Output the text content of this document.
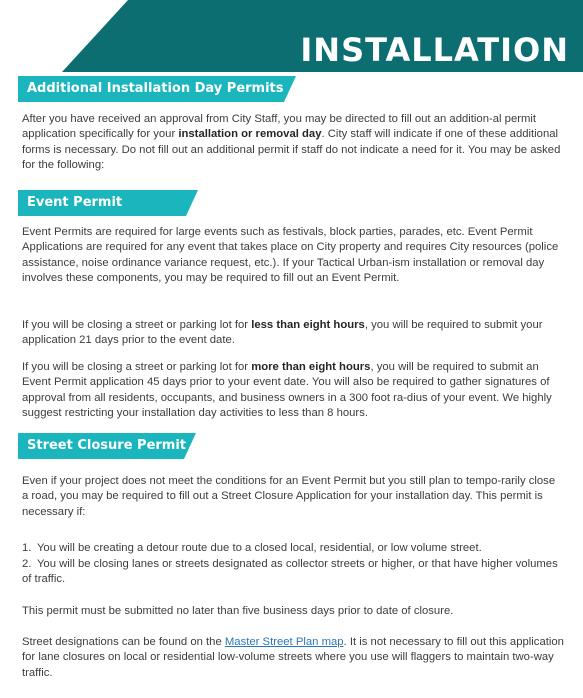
INSTALLATION
Additional Installation Day Permits

After you have received an approval from City Staff, you may be directed to fill out an addition-al permit application specifically for your installation or removal day. City staff will indicate if one of these additional forms is necessary. Do not fill out an additional permit if staff do not indicate a need for it. You may be asked for the following:

Event Permit

Event Permits are required for large events such as festivals, block parties, parades, etc. Event Permit Applications are required for any event that takes place on City property and requires City resources (police assistance, noise ordinance variance request, etc.). If your Tactical Urban-ism installation or removal day involves these components, you may be required to fill out an Event Permit.

If you will be closing a street or parking lot for less than eight hours, you will be required to submit your application 21 days prior to the event date.

If you will be closing a street or parking lot for more than eight hours, you will be required to submit an Event Permit application 45 days prior to your event date. You will also be required to gather signatures of approval from all residents, occupants, and business owners in a 300 foot ra-dius of your event. We highly suggest restricting your installation day activities to less than 8 hours.

Street Closure Permit

Even if your project does not meet the conditions for an Event Permit but you still plan to tempo-rarily close a road, you may be required to fill out a Street Closure Application for your installation day. This permit is necessary if:

1. You will be creating a detour route due to a closed local, residential, or low volume street.

2. You will be closing lanes or streets designated as collector streets or higher, or that have higher volumes of traffic.

This permit must be submitted no later than five business days prior to date of closure.

Street designations can be found on the Master Street Plan map. It is not necessary to fill out this application for lane closures on local or residential low-volume streets where you use will flaggers to maintain two-way traffic.
